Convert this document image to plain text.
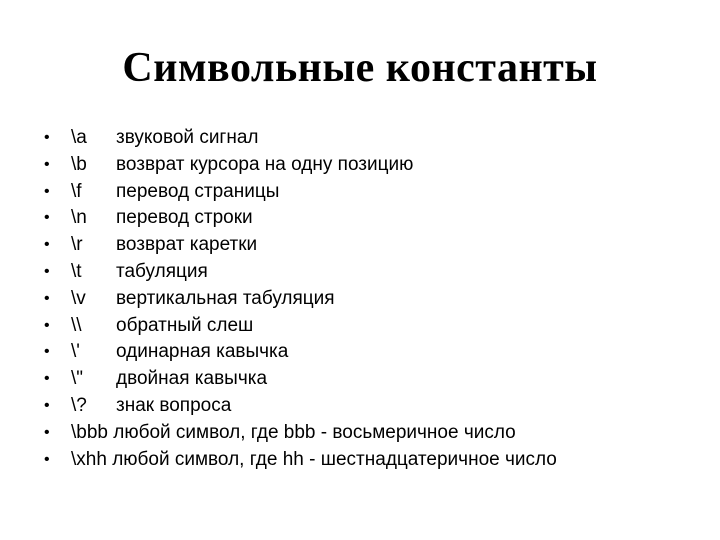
Символьные константы
•	\a звуковой сигнал
•	\b возврат курсора на одну позицию
•	\f перевод страницы
•	\n перевод строки
•	\r возврат каретки
•	\t табуляция
•	\v вертикальная табуляция
•	\\ обратный слеш
•	\' одинарная кавычка
•	\" двойная кавычка
•	\? знак вопроса
•	\bbb любой символ, где bbb - восьмеричное число
•	\xhh любой символ, где hh - шестнадцатеричное число
